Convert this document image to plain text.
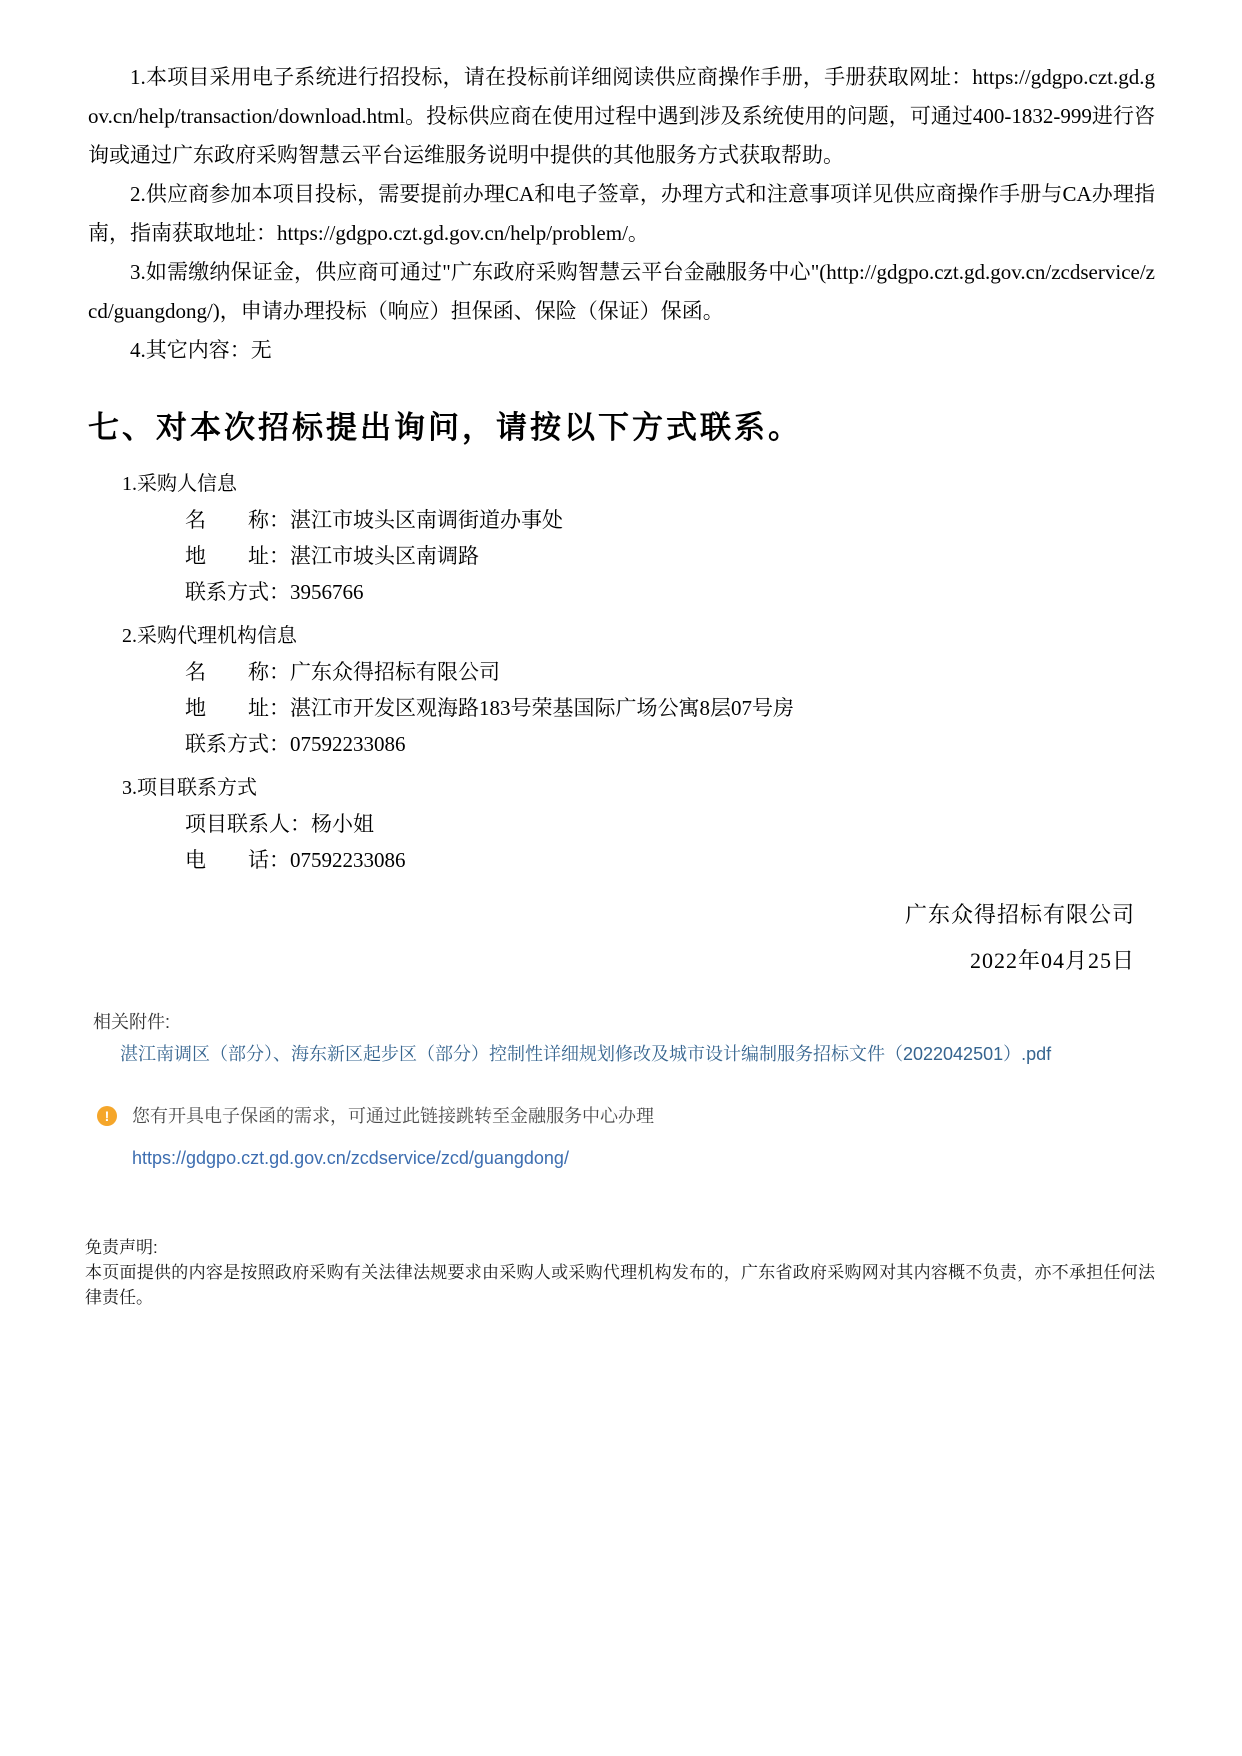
1.本项目采用电子系统进行招投标，请在投标前详细阅读供应商操作手册，手册获取网址：https://gdgpo.czt.gd.gov.cn/help/transaction/download.html。投标供应商在使用过程中遇到涉及系统使用的问题，可通过400-1832-999进行咨询或通过广东政府采购智慧云平台运维服务说明中提供的其他服务方式获取帮助。

2.供应商参加本项目投标，需要提前办理CA和电子签章，办理方式和注意事项详见供应商操作手册与CA办理指南，指南获取地址：https://gdgpo.czt.gd.gov.cn/help/problem/。

3.如需缴纳保证金，供应商可通过"广东政府采购智慧云平台金融服务中心"(http://gdgpo.czt.gd.gov.cn/zcdservice/zcd/guangdong/)，申请办理投标（响应）担保函、保险（保证）保函。

4.其它内容：无

七、对本次招标提出询问，请按以下方式联系。
1.采购人信息
名　　称：湛江市坡头区南调街道办事处
地　　址：湛江市坡头区南调路
联系方式：3956766
2.采购代理机构信息
名　　称：广东众得招标有限公司
地　　址：湛江市开发区观海路183号荣基国际广场公寓8层07号房
联系方式：07592233086
3.项目联系方式
项目联系人：杨小姐
电　　话：07592233086
广东众得招标有限公司
2022年04月25日
相关附件:
湛江南调区（部分）、海东新区起步区（部分）控制性详细规划修改及城市设计编制服务招标文件（2022042501）.pdf
!	您有开具电子保函的需求，可通过此链接跳转至金融服务中心办理
https://gdgpo.czt.gd.gov.cn/zcdservice/zcd/guangdong/
免责声明:
本页面提供的内容是按照政府采购有关法律法规要求由采购人或采购代理机构发布的，广东省政府采购网对其内容概不负责，亦不承担任何法律责任。
